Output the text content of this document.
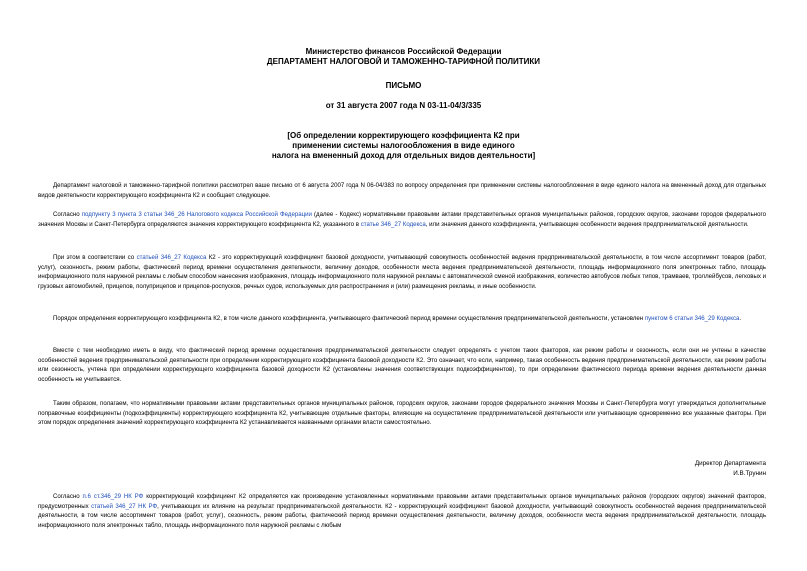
Министерство финансов Российской Федерации
ДЕПАРТАМЕНТ НАЛОГОВОЙ И ТАМОЖЕННО-ТАРИФНОЙ ПОЛИТИКИ
ПИСЬМО
от 31 августа 2007 года N 03-11-04/3/335
[Об определении корректирующего коэффициента К2 при
применении системы налогообложения в виде единого
налога на вмененный доход для отдельных видов деятельности]
Департамент налоговой и таможенно-тарифной политики рассмотрел ваше письмо от 6 августа 2007 года N 06-04/383 по вопросу определения при применении системы налогообложения в виде единого налога на вмененный доход для отдельных видов деятельности корректирующего коэффициента К2 и сообщает следующее.
Согласно подпункту 3 пункта 3 статьи 346_26 Налогового кодекса Российской Федерации (далее - Кодекс) нормативными правовыми актами представительных органов муниципальных районов, городских округов, законами городов федерального значения Москвы и Санкт-Петербурга определяются значения корректирующего коэффициента К2, указанного в статье 346_27 Кодекса, или значения данного коэффициента, учитывающие особенности ведения предпринимательской деятельности.
При этом в соответствии со статьей 346_27 Кодекса К2 - это корректирующий коэффициент базовой доходности, учитывающий совокупность особенностей ведения предпринимательской деятельности, в том числе ассортимент товаров (работ, услуг), сезонность, режим работы, фактический период времени осуществления деятельности, величину доходов, особенности места ведения предпринимательской деятельности, площадь информационного поля электронных табло, площадь информационного поля наружной рекламы с любым способом нанесения изображения, площадь информационного поля наружной рекламы с автоматической сменой изображения, количество автобусов любых типов, трамваев, троллейбусов, легковых и грузовых автомобилей, прицепов, полуприцепов и прицепов-роспусков, речных судов, используемых для распространения и (или) размещения рекламы, и иные особенности.
Порядок определения корректирующего коэффициента К2, в том числе данного коэффициента, учитывающего фактический период времени осуществления предпринимательской деятельности, установлен пунктом 6 статьи 346_29 Кодекса.
Вместе с тем необходимо иметь в виду, что фактический период времени осуществления предпринимательской деятельности следует определять с учетом таких факторов, как режим работы и сезонность, если они не учтены в качестве особенностей ведения предпринимательской деятельности при определении корректирующего коэффициента базовой доходности К2. Это означает, что если, например, такая особенность ведения предпринимательской деятельности, как режим работы или сезонность, учтена при определении корректирующего коэффициента базовой доходности К2 (установлены значения соответствующих подкоэффициентов), то при определении фактического периода времени ведения деятельности данная особенность не учитывается.
Таким образом, полагаем, что нормативными правовыми актами представительных органов муниципальных районов, городских округов, законами городов федерального значения Москвы и Санкт-Петербурга могут утверждаться дополнительные поправочные коэффициенты (подкоэффициенты) корректирующего коэффициента К2, учитывающие отдельные факторы, влияющие на осуществление предпринимательской деятельности или учитывающие одновременно все указанные факторы. При этом порядок определения значений корректирующего коэффициента К2 устанавливается названными органами власти самостоятельно.
Директор Департамента
И.В.Трунин
Согласно п.6 ст.346_29 НК РФ корректирующий коэффициент К2 определяется как произведение установленных нормативными правовыми актами представительных органов муниципальных районов (городских округов) значений факторов, предусмотренных статьей 346_27 НК РФ, учитывающих их влияние на результат предпринимательской деятельности. К2 - корректирующий коэффициент базовой доходности, учитывающий совокупность особенностей ведения предпринимательской деятельности, в том числе ассортимент товаров (работ, услуг), сезонность, режим работы, фактический период времени осуществления деятельности, величину доходов, особенности места ведения предпринимательской деятельности, площадь информационного поля электронных табло, площадь информационного поля наружной рекламы с любым
